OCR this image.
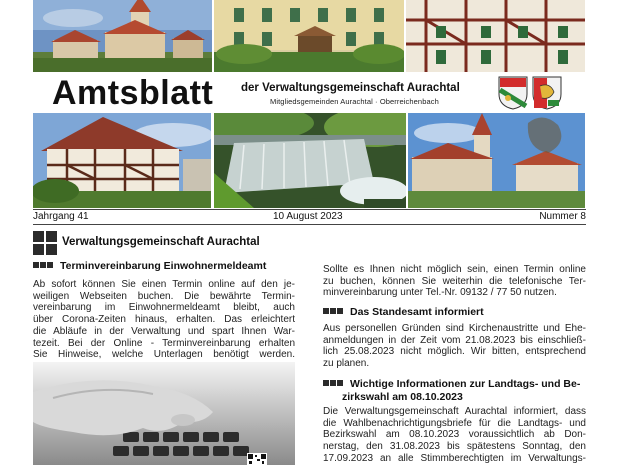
Amtsblatt der Verwaltungsgemeinschaft Aurachtal
Mitgliedsgemeinden Aurachtal · Oberreichenbach
Jahrgang 41	10 August 2023	Nummer 8
Verwaltungsgemeinschaft Aurachtal
Terminvereinbarung Einwohnermeldeamt
Ab sofort können Sie einen Termin online auf den je-
weiligen Webseiten buchen. Die bewährte Termin-
vereinbarung im Einwohnermeldeamt bleibt, auch
über Corona-Zeiten hinaus, erhalten. Das erleichtert
die Abläufe in der Verwaltung und spart Ihnen War-
tezeit. Bei der Online - Terminvereinbarung erhalten
Sie Hinweise, welche Unterlagen benötigt werden.
Sollte es Ihnen nicht möglich sein, einen Termin online
zu buchen, können Sie weiterhin die telefonische Ter-
minvereinbarung unter Tel.-Nr. 09132 / 77 50 nutzen.
Das Standesamt informiert
Aus personellen Gründen sind Kirchenaustritte und Ehe-
anmeldungen in der Zeit vom 21.08.2023 bis einschließ-
lich 25.08.2023 nicht möglich. Wir bitten, entsprechend
zu planen.
Wichtige Informationen zur Landtags- und Be-
zirkswahl am 08.10.2023
Die Verwaltungsgemeinschaft Aurachtal informiert, dass
die Wahlbenachrichtigungsbriefe für die Landtags- und
Bezirkswahl am 08.10.2023 voraussichtlich ab Don-
nerstag, den 31.08.2023 bis spätestens Sonntag, den
17.09.2023 an alle Stimmberechtigten im Verwaltungs-
